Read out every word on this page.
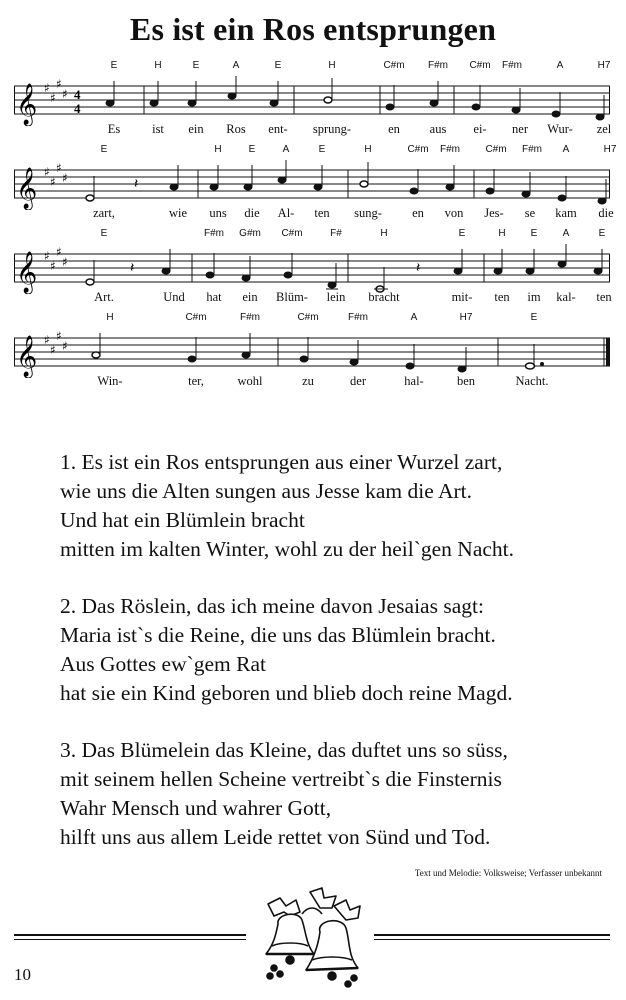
Es ist ein Ros entsprungen
E	H	E	A	E	H	C#m F#m C#m F#m	A	H7
𝄞 ♯
♯
♯
♯ 4
4
Es	ist ein Ros ent- sprung-	en aus ei- ner Wur- zel
E	H	E	A	E	H	C#m F#m	C#m F#m A	H7
𝄞 ♯
♯
♯
♯	𝄽
zart,	wie uns die Al- ten sung- en von Jes- se kam die
E	F#m G#m C#m	F#	H	E	H	E	A	E
𝄞 ♯
♯
♯
♯	𝄽	𝄽
Art.	Und hat ein Blüm- lein bracht	mit- ten im kal- ten
H	C#m	F#m	C#m	F#m	A	H7	E
𝄞 ♯
♯
♯
♯
Win-	ter,	wohl	zu	der	hal-	ben	Nacht.

1. Es ist ein Ros entsprungen aus einer Wurzel zart,

wie uns die Alten sungen aus Jesse kam die Art.

Und hat ein Blümlein bracht

mitten im kalten Winter, wohl zu der heil`gen Nacht.

2. Das Röslein, das ich meine davon Jesaias sagt:

Maria ist`s die Reine, die uns das Blümlein bracht.

Aus Gottes ew`gem Rat

hat sie ein Kind geboren und blieb doch reine Magd.

3. Das Blümelein das Kleine, das duftet uns so süss,

mit seinem hellen Scheine vertreibt`s die Finsternis

Wahr Mensch und wahrer Gott,

hilft uns aus allem Leide rettet von Sünd und Tod.

Text und Melodie: Volksweise; Verfasser unbekannt
10
